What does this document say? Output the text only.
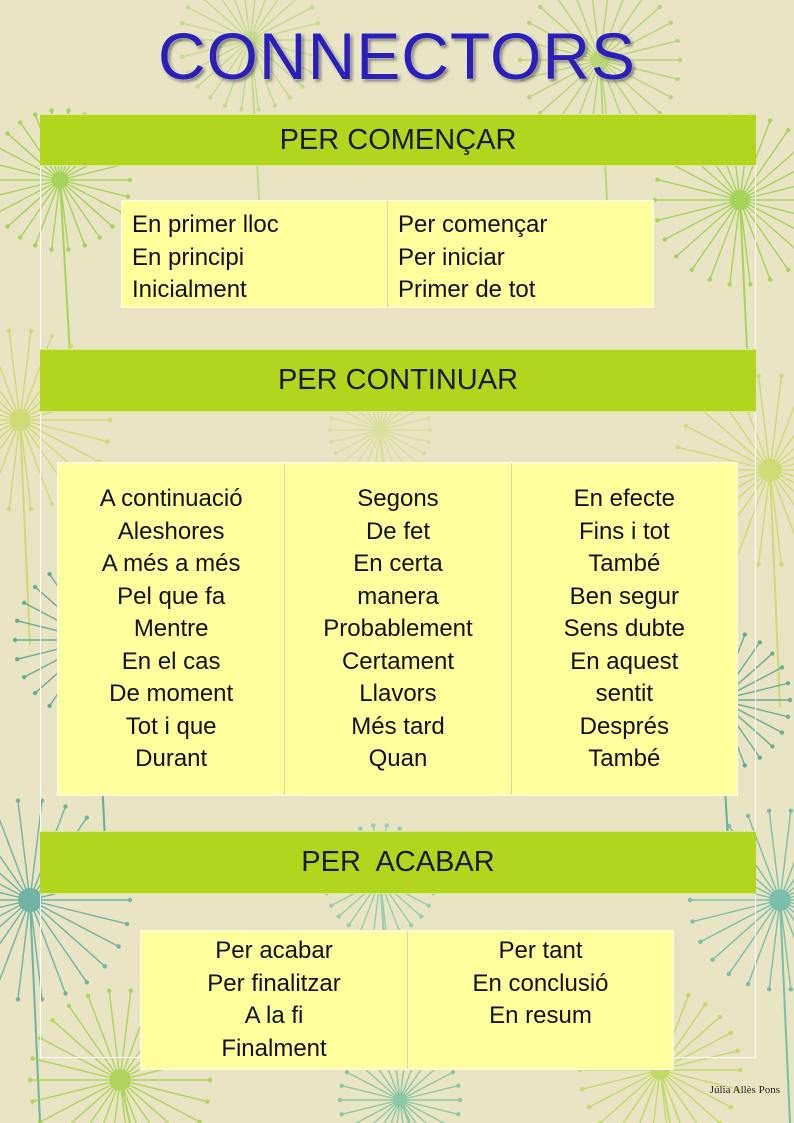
CONNECTORS
PER COMENÇAR
En primer lloc
En principi
Inicialment
Per començar
Per iniciar
Primer de tot
PER CONTINUAR
A continuació
Aleshores
A més a més
Pel que fa
Mentre
En el cas
De moment
Tot i que
Durant
Segons
De fet
En certa
manera
Probablement
Certament
Llavors
Més tard
Quan
En efecte
Fins i tot
També
Ben segur
Sens dubte
En aquest
sentit
Després
També
PER  ACABAR
Per acabar
Per finalitzar
A la fi
Finalment
Per tant
En conclusió
En resum
Júlia Allès Pons
